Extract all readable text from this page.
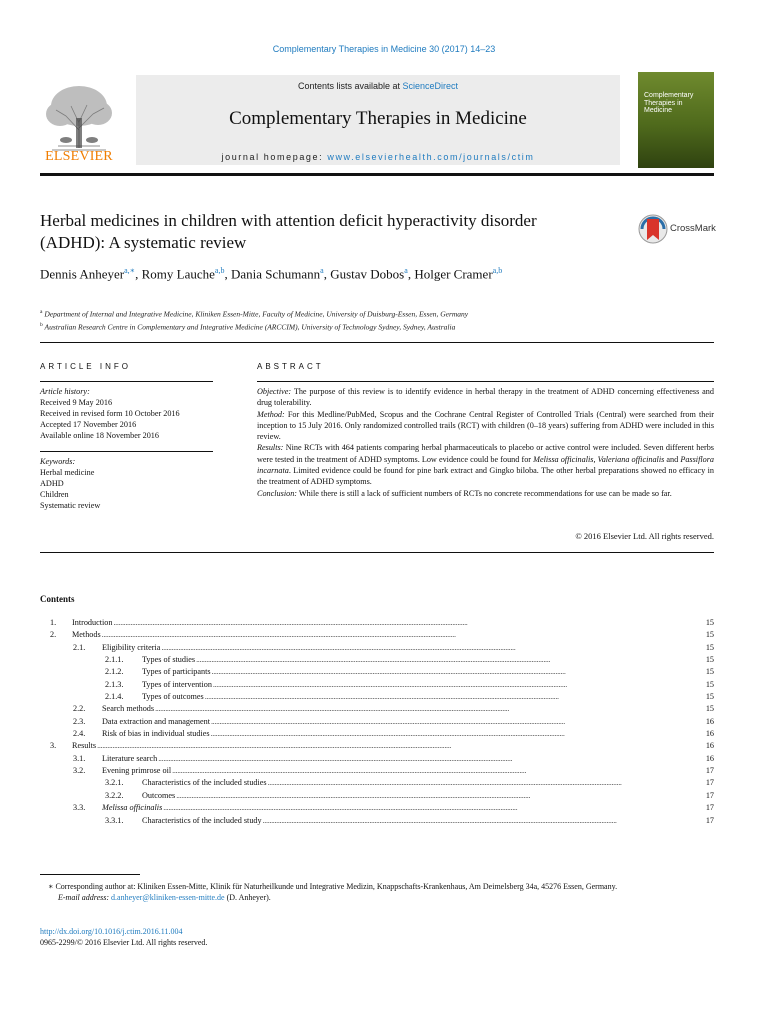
Complementary Therapies in Medicine 30 (2017) 14–23
ELSEVIER
Contents lists available at ScienceDirect
Complementary Therapies in Medicine
journal homepage: www.elsevierhealth.com/journals/ctim
Complementary Therapies in Medicine
Herbal medicines in children with attention deficit hyperactivity disorder (ADHD): A systematic review
CrossMark
Dennis Anheyer$^{a,∗}$, Romy Lauche$^{a,b}$, Dania Schumann$^a$, Gustav Dobos$^a$, Holger Cramer$^{a,b}$
$^a$ Department of Internal and Integrative Medicine, Kliniken Essen-Mitte, Faculty of Medicine, University of Duisburg-Essen, Essen, Germany
$^b$ Australian Research Centre in Complementary and Integrative Medicine (ARCCIM), University of Technology Sydney, Sydney, Australia
ARTICLE INFO	ABSTRACT
Article history:
Received 9 May 2016
Received in revised form 10 October 2016
Accepted 17 November 2016
Available online 18 November 2016
Keywords:
Herbal medicine
ADHD
Children
Systematic review

Objective: The purpose of this review is to identify evidence in herbal therapy in the treatment of ADHD concerning effectiveness and drug tolerability.

Method: For this Medline/PubMed, Scopus and the Cochrane Central Register of Controlled Trials (Central) were searched from their inception to 15 July 2016. Only randomized controlled trails (RCT) with children (0–18 years) suffering from ADHD were included in this review.

Results: Nine RCTs with 464 patients comparing herbal pharmaceuticals to placebo or active control were included. Seven different herbs were tested in the treatment of ADHD symptoms. Low evidence could be found for Melissa officinalis, Valeriana officinalis and Passiflora incarnata. Limited evidence could be found for pine bark extract and Gingko biloba. The other herbal preparations showed no efficacy in the treatment of ADHD symptoms.

Conclusion: While there is still a lack of sufficient numbers of RCTs no concrete recommendations for use can be made so far.

© 2016 Elsevier Ltd. All rights reserved.
Contents
1. Introduction . . .	15
2. Methods . . .	15
2.1. Eligibility criteria . . .	15
2.1.1. Types of studies . . .	15
2.1.2. Types of participants . . .	15
2.1.3. Types of intervention . . .	15
2.1.4. Types of outcomes . . .	15
2.2. Search methods . . .	15
2.3. Data extraction and management . . .	16
2.4. Risk of bias in individual studies . . .	16
3. Results . . .	16
3.1. Literature search . . .	16
3.2. Evening primrose oil . . .	17
3.2.1. Characteristics of the included studies . . .	17
3.2.2. Outcomes . . .	17
3.3. Melissa officinalis . . .	17
3.3.1. Characteristics of the included study . . .	17
∗ Corresponding author at: Kliniken Essen-Mitte, Klinik für Naturheilkunde und Integrative Medizin, Knappschafts-Krankenhaus, Am Deimelsberg 34a, 45276 Essen, Germany.
E-mail address: d.anheyer@kliniken-essen-mitte.de (D. Anheyer).
http://dx.doi.org/10.1016/j.ctim.2016.11.004
0965-2299/© 2016 Elsevier Ltd. All rights reserved.
